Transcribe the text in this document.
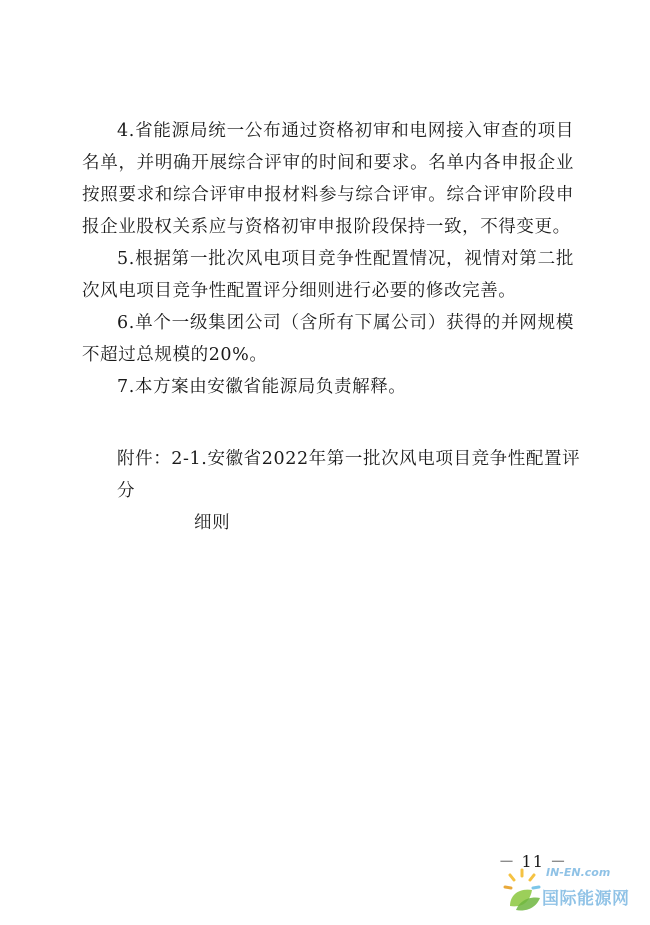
4.省能源局统一公布通过资格初审和电网接入审查的项目名单，并明确开展综合评审的时间和要求。名单内各申报企业按照要求和综合评审申报材料参与综合评审。综合评审阶段申报企业股权关系应与资格初审申报阶段保持一致，不得变更。

5.根据第一批次风电项目竞争性配置情况，视情对第二批次风电项目竞争性配置评分细则进行必要的修改完善。

6.单个一级集团公司（含所有下属公司）获得的并网规模不超过总规模的20%。

7.本方案由安徽省能源局负责解释。

附件：2-1.安徽省2022年第一批次风电项目竞争性配置评分
细则
－ 11 －
IN-EN.com
国际能源网
